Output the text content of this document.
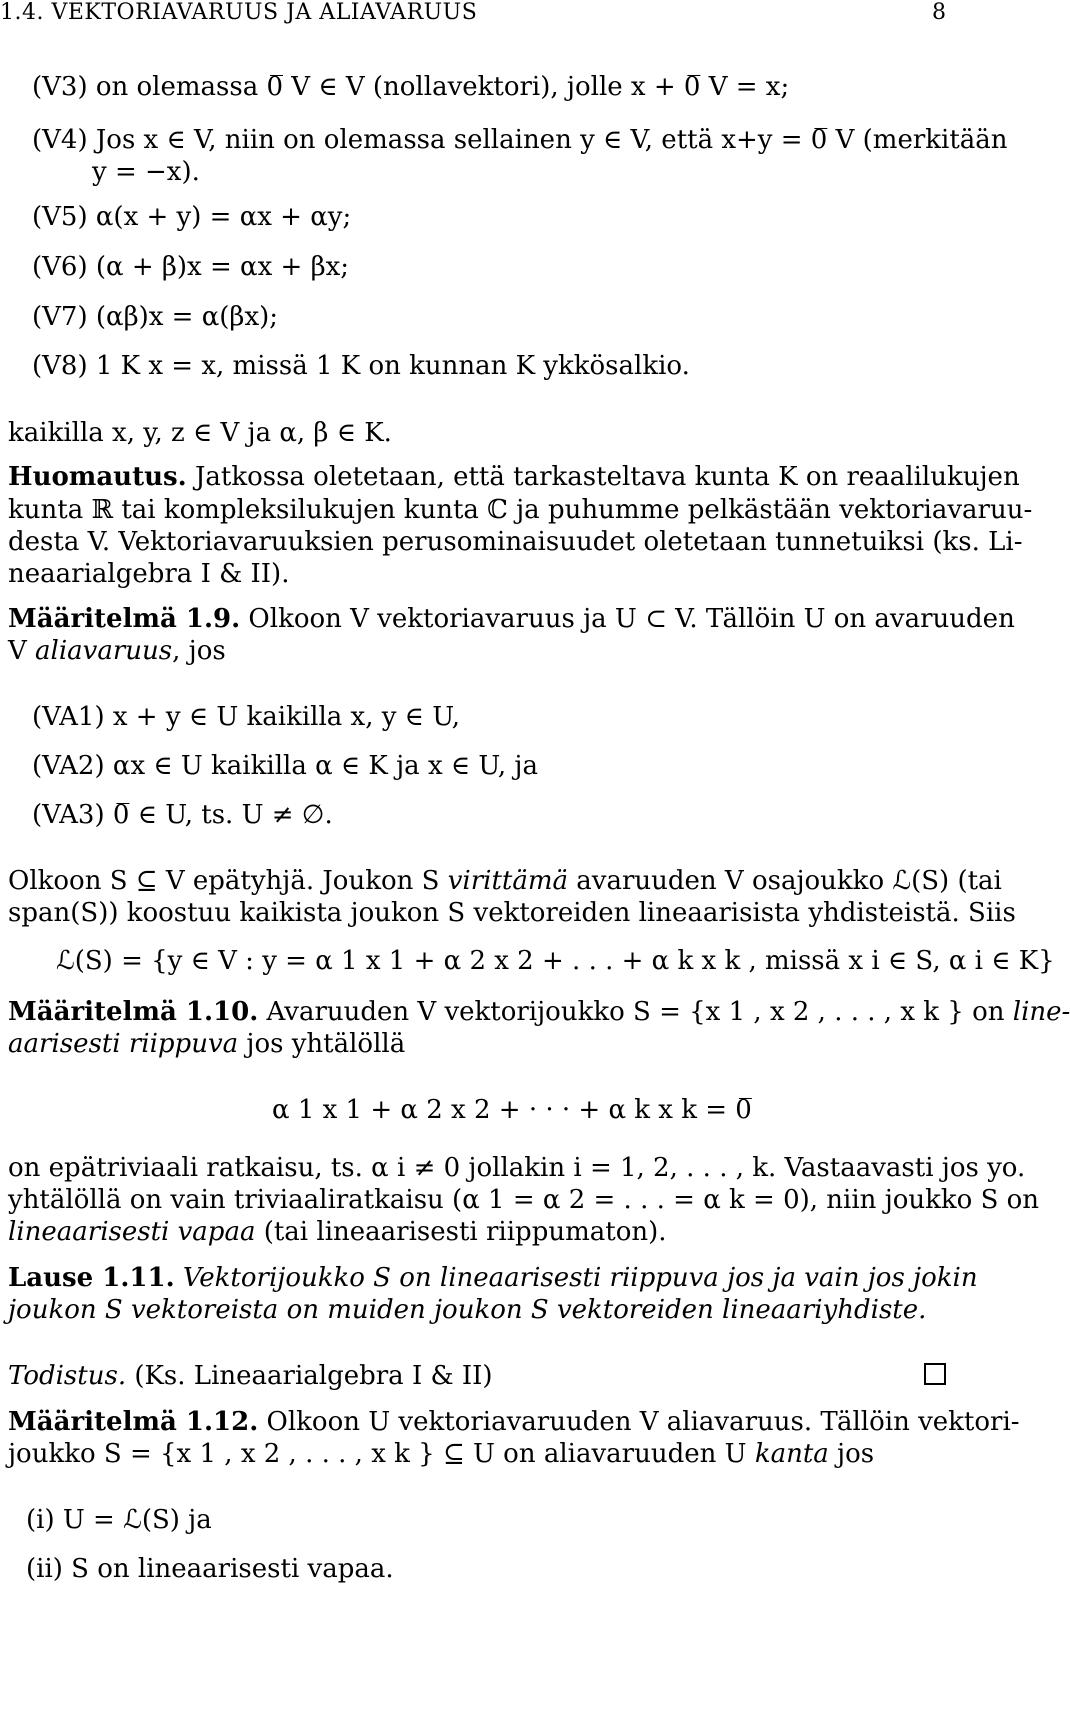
1.4. VEKTORIAVARUUS JA ALIAVARUUS	8
(V3) on olemassa 0̅ V ∈ V (nollavektori), jolle x + 0̅ V = x;
(V4) Jos x ∈ V, niin on olemassa sellainen y ∈ V, että x+y = 0̅ V (merkitään
y = −x).
(V5) α(x + y) = αx + αy;
(V6) (α + β)x = αx + βx;
(V7) (αβ)x = α(βx);
(V8) 1 K x = x, missä 1 K on kunnan K ykkösalkio.
kaikilla x, y, z ∈ V ja α, β ∈ K.
Huomautus. Jatkossa oletetaan, että tarkasteltava kunta K on reaalilukujen
kunta ℝ tai kompleksilukujen kunta ℂ ja puhumme pelkästään vektoriavaruu-
desta V. Vektoriavaruuksien perusominaisuudet oletetaan tunnetuiksi (ks. Li-
neaarialgebra I & II).
Määritelmä 1.9. Olkoon V vektoriavaruus ja U ⊂ V. Tällöin U on avaruuden
V aliavaruus, jos
(VA1) x + y ∈ U kaikilla x, y ∈ U,
(VA2) αx ∈ U kaikilla α ∈ K ja x ∈ U, ja
(VA3) 0̅ ∈ U, ts. U ≠ ∅.
Olkoon S ⊆ V epätyhjä. Joukon S virittämä avaruuden V osajoukko ℒ(S) (tai
span(S)) koostuu kaikista joukon S vektoreiden lineaarisista yhdisteistä. Siis
ℒ(S) = {y ∈ V : y = α 1 x 1 + α 2 x 2 + . . . + α k x k , missä x i ∈ S, α i ∈ K}
Määritelmä 1.10. Avaruuden V vektorijoukko S = {x 1 , x 2 , . . . , x k } on line-
aarisesti riippuva jos yhtälöllä
α 1 x 1 + α 2 x 2 + · · · + α k x k = 0̅
on epätriviaali ratkaisu, ts. α i ≠ 0 jollakin i = 1, 2, . . . , k. Vastaavasti jos yo.
yhtälöllä on vain triviaaliratkaisu (α 1 = α 2 = . . . = α k = 0), niin joukko S on
lineaarisesti vapaa (tai lineaarisesti riippumaton).
Lause 1.11. Vektorijoukko S on lineaarisesti riippuva jos ja vain jos jokin
joukon S vektoreista on muiden joukon S vektoreiden lineaariyhdiste.
Todistus. (Ks. Lineaarialgebra I & II)
Määritelmä 1.12. Olkoon U vektoriavaruuden V aliavaruus. Tällöin vektori-
joukko S = {x 1 , x 2 , . . . , x k } ⊆ U on aliavaruuden U kanta jos
(i) U = ℒ(S) ja
(ii) S on lineaarisesti vapaa.
